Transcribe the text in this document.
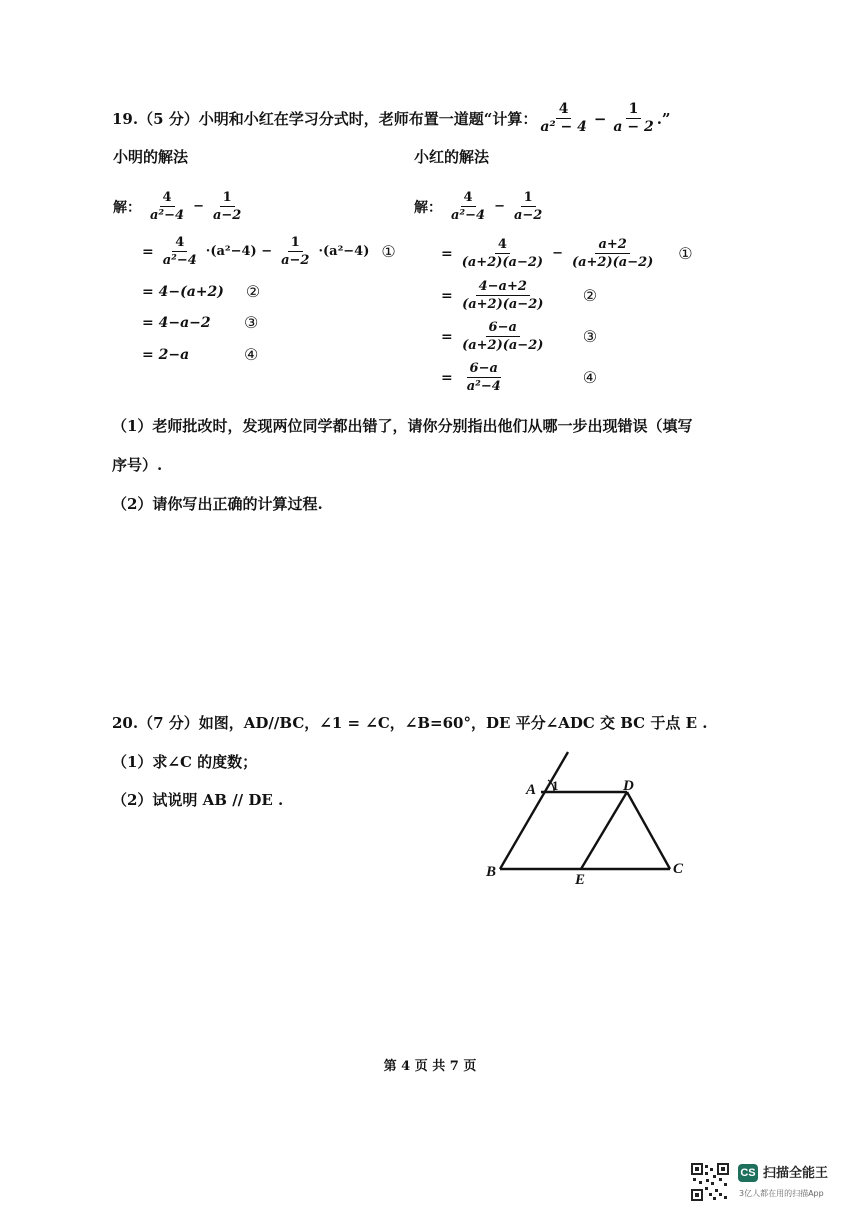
19.（5 分）小明和小红在学习分式时，老师布置一道题“计算： $\frac{4}{\text{a² − 4}} - \frac{1}{a - 2}$ .”
小明的解法	小红的解法
解： $\frac{4}{\text{a²−4}} - \frac{1}{a-2}$
= $\frac{4}{\text{a²−4}} \cdot(a^2-4) - \frac{1}{a-2} \cdot(a^2-4)$ ①
= 4−(a+2) ②
= 4−a−2	③
= 2−a	④
解： $\frac{4}{\text{a²−4}} - \frac{1}{a-2}$
= $\frac{4}{(a+2)(a-2)} - \frac{a+2}{(a+2)(a-2)}$ ①
= $\frac{4-a+2}{(a+2)(a-2)}$ ②
= $\frac{6-a}{(a+2)(a-2)}$ ③
= $\frac{6-a}{\text{a²−4}}$	④
（1）老师批改时，发现两位同学都出错了，请你分别指出他们从哪一步出现错误（填写
序号）.
（2）请你写出正确的计算过程.
20.（7 分）如图，AD//BC，∠1 = ∠C，∠B=60°，DE 平分∠ADC 交 BC 于点 E .
（1）求∠C 的度数；
（2）试说明 AB // DE .
A 1	D
B	E
C
第 4 页 共 7 页
CS 扫描全能王
3亿人都在用的扫描App
